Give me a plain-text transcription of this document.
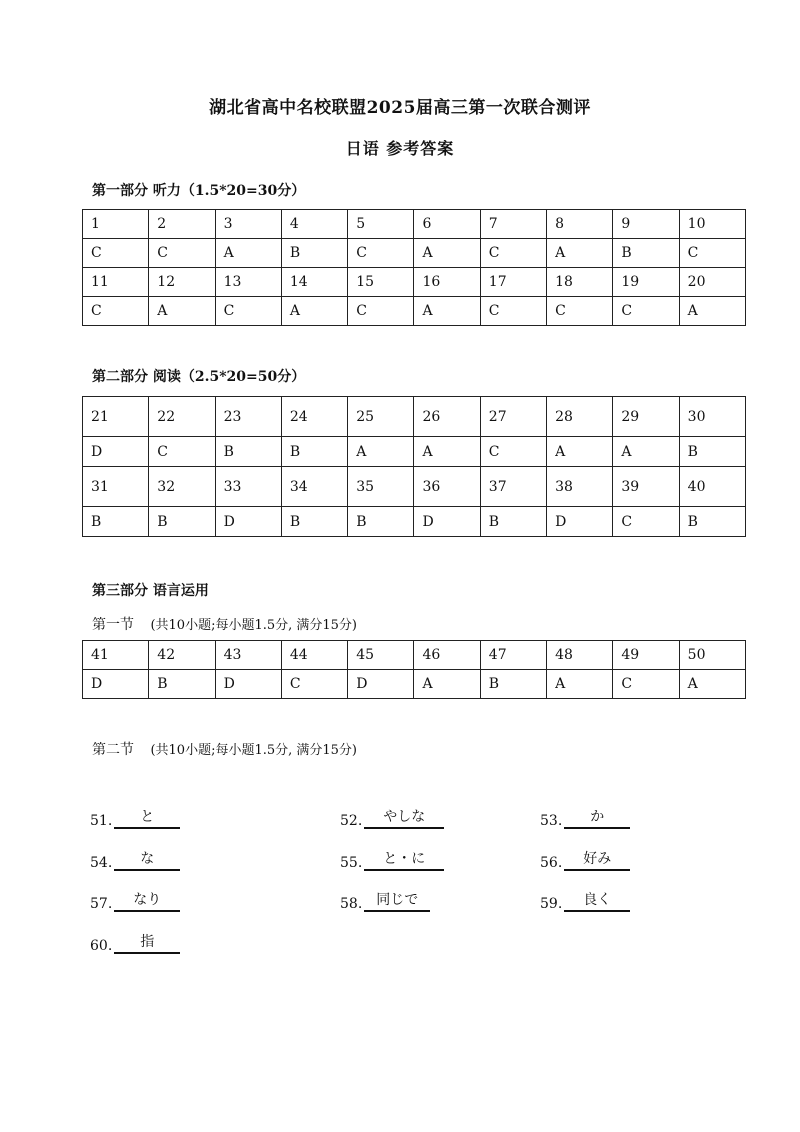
湖北省高中名校联盟2025届高三第一次联合测评
日语 参考答案
第一部分 听力（1.5*20=30分）
1	2	3	4	5	6	7	8	9	10
C	C	A	B	C	A	C	A	B	C
11	12	13	14	15	16	17	18	19	20
C	A	C	A	C	A	C	C	C	A
第二部分 阅读（2.5*20=50分）
21	22	23	24	25	26	27	28	29	30
D	C	B	B	A	A	C	A	A	B
31	32	33	34	35	36	37	38	39	40
B	B	D	B	B	D	B	D	C	B
第三部分 语言运用
第一节 (共10小题;每小题1.5分, 满分15分)
41	42	43	44	45	46	47	48	49	50
D	B	D	C	D	A	B	A	C	A
第二节 (共10小题;每小题1.5分, 满分15分)
51.	と	52.	やしな	53.	か
54.	な	55.	と・に	56.	好み
57.	なり	58.	同じで	59.	良く
60.	指
